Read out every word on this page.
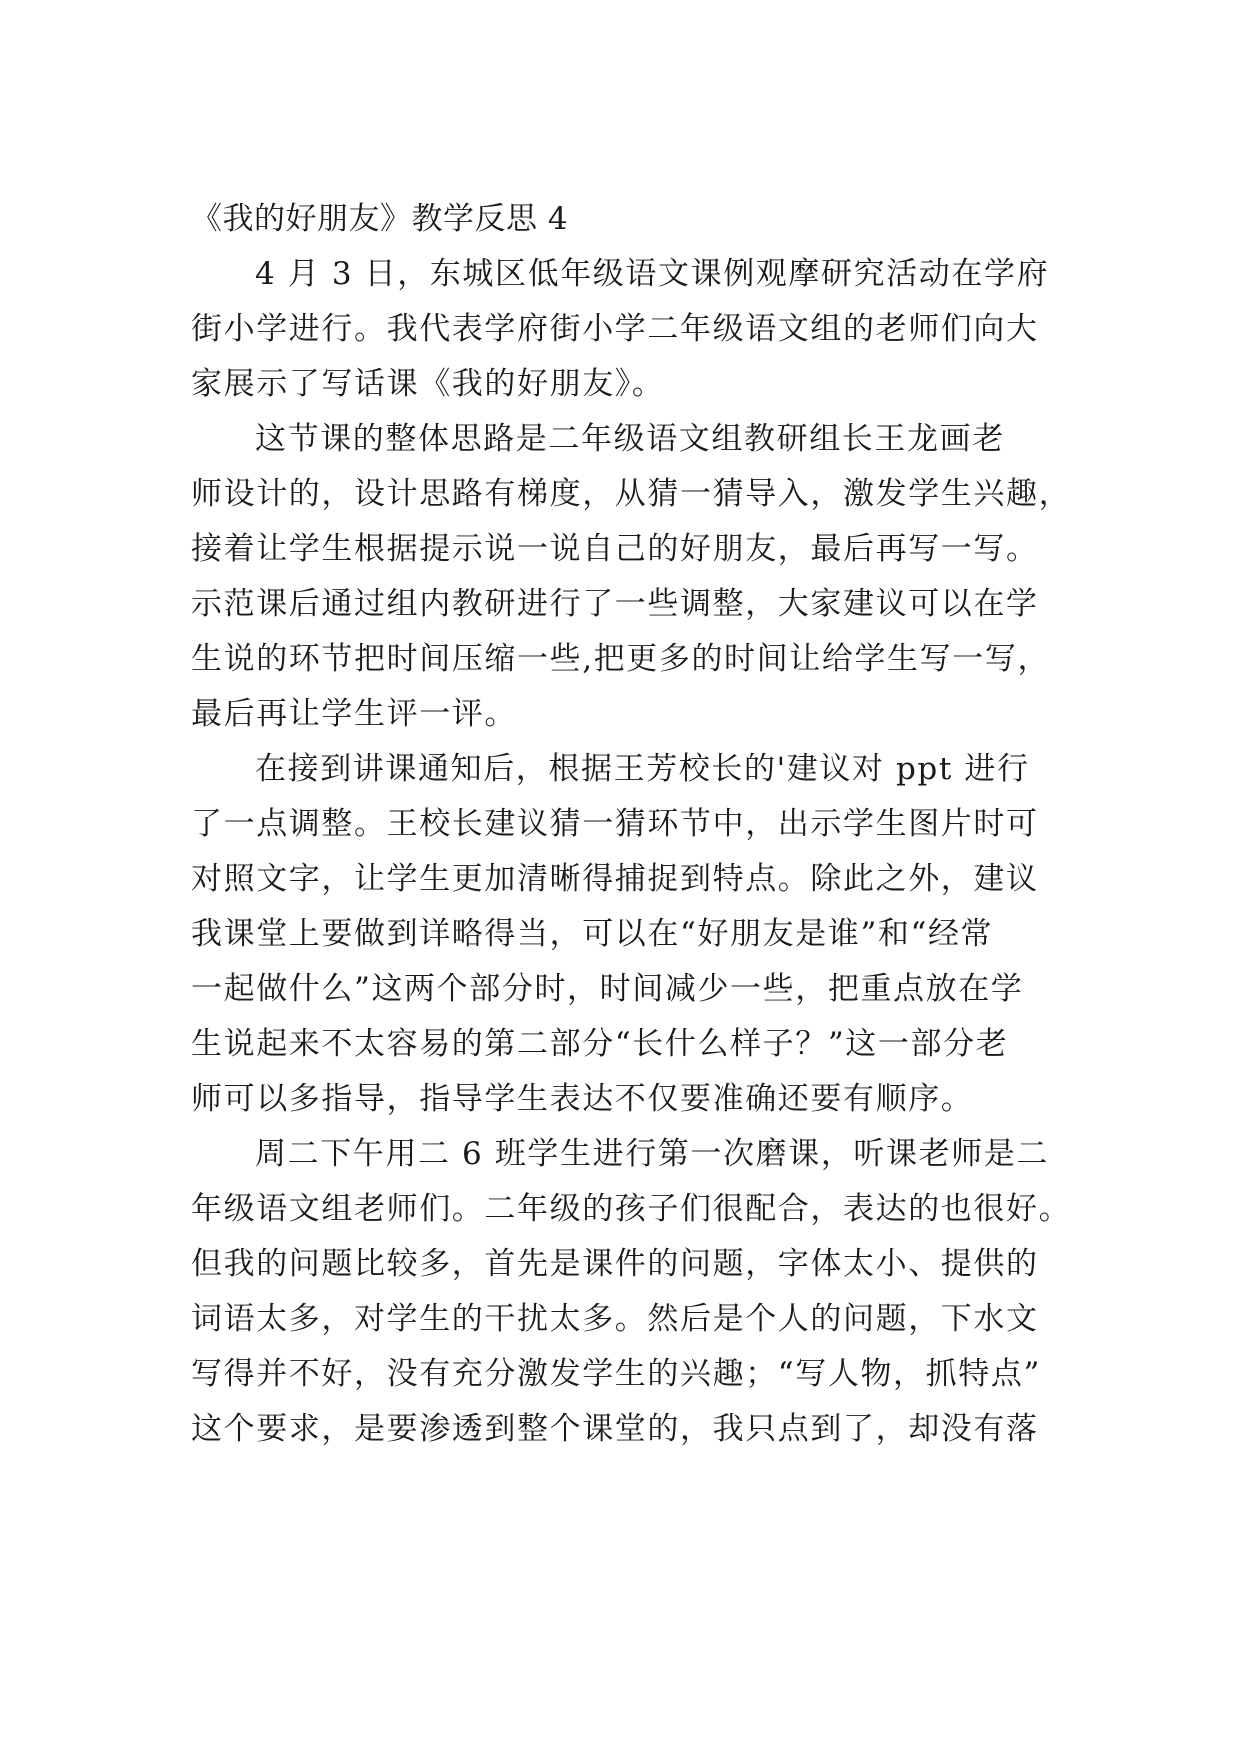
《我的好朋友》教学反思 4
4 月 3 日，东城区低年级语文课例观摩研究活动在学府
街小学进行。我代表学府街小学二年级语文组的老师们向大
家展示了写话课《我的好朋友》。
这节课的整体思路是二年级语文组教研组长王龙画老
师设计的，设计思路有梯度，从猜一猜导入，激发学生兴趣，
接着让学生根据提示说一说自己的好朋友，最后再写一写。
示范课后通过组内教研进行了一些调整，大家建议可以在学
生说的环节把时间压缩一些,把更多的时间让给学生写一写，
最后再让学生评一评。
在接到讲课通知后，根据王芳校长的'建议对 ppt 进行
了一点调整。王校长建议猜一猜环节中，出示学生图片时可
对照文字，让学生更加清晰得捕捉到特点。除此之外，建议
我课堂上要做到详略得当，可以在“好朋友是谁”和“经常
一起做什么”这两个部分时，时间减少一些，把重点放在学
生说起来不太容易的第二部分“长什么样子？”这一部分老
师可以多指导，指导学生表达不仅要准确还要有顺序。
周二下午用二 6 班学生进行第一次磨课，听课老师是二
年级语文组老师们。二年级的孩子们很配合，表达的也很好。
但我的问题比较多，首先是课件的问题，字体太小、提供的
词语太多，对学生的干扰太多。然后是个人的问题，下水文
写得并不好，没有充分激发学生的兴趣；“写人物，抓特点”
这个要求，是要渗透到整个课堂的，我只点到了，却没有落
